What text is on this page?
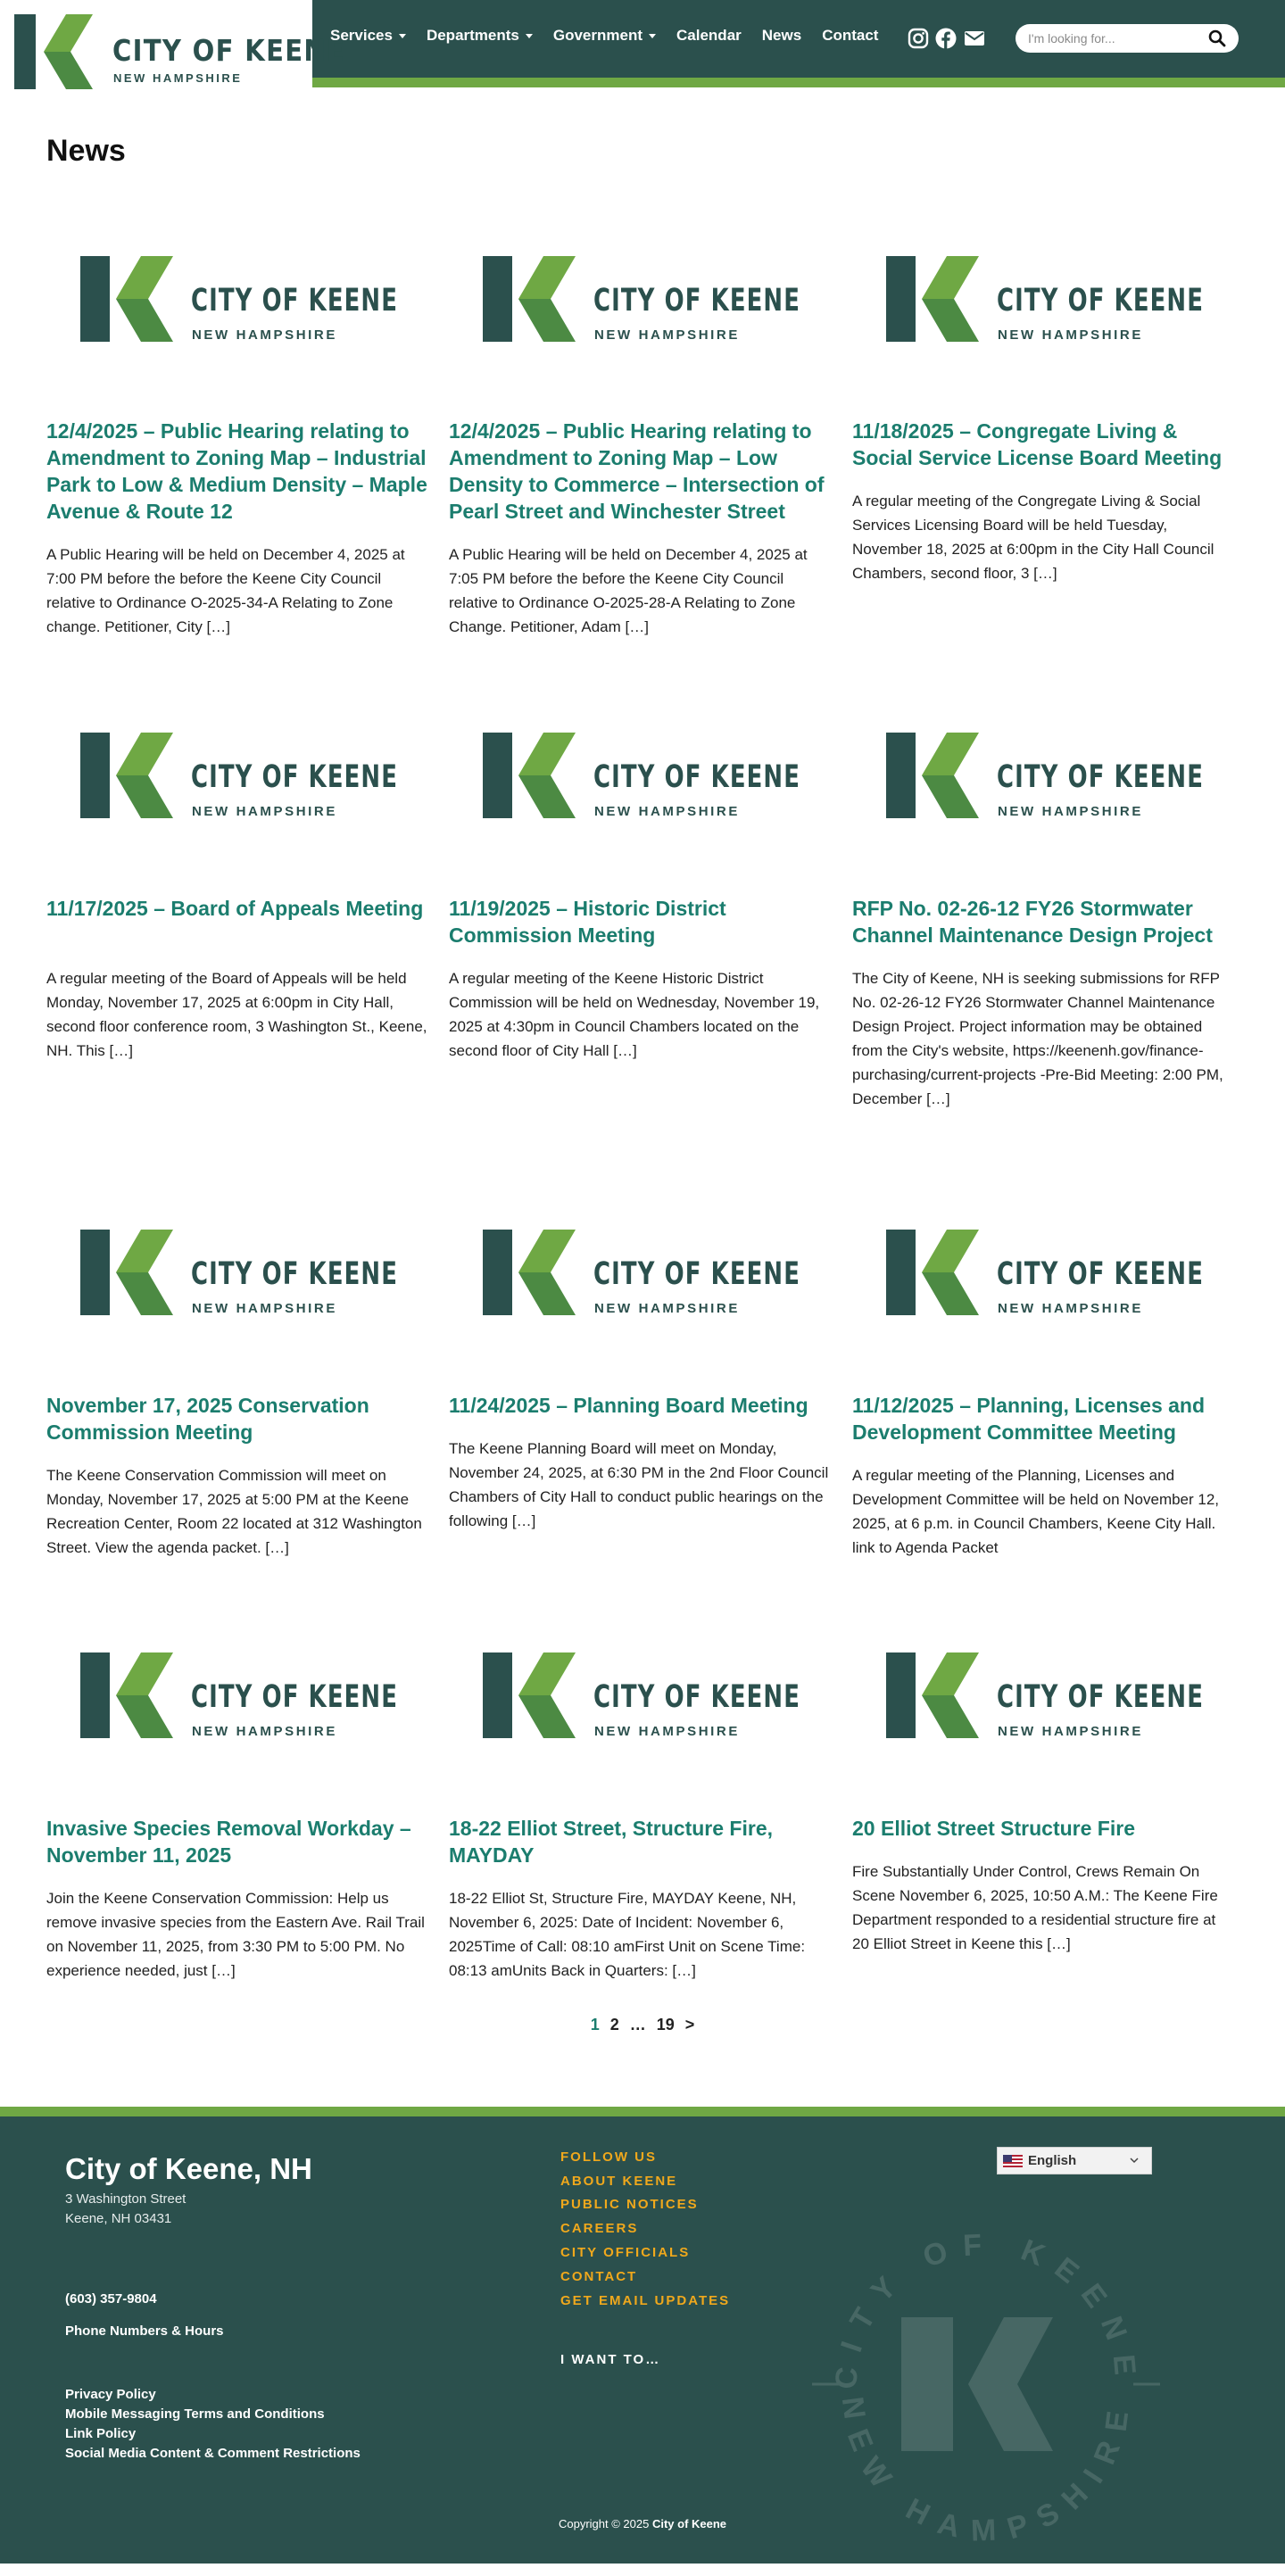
CITY OF KEENE
NEW HAMPSHIRE
Services Departments Government Calendar News Contact
I'm looking for...
News
CITY OF KEENE
NEW HAMPSHIRE
12/4/2025 – Public Hearing relating to Amendment to Zoning Map – Industrial Park to Low & Medium Density – Maple Avenue & Route 12

A Public Hearing will be held on December 4, 2025 at 7:00 PM before the before the Keene City Council relative to Ordinance O-2025-34-A Relating to Zone change. Petitioner, City […]

CITY OF KEENE
NEW HAMPSHIRE
12/4/2025 – Public Hearing relating to Amendment to Zoning Map – Low Density to Commerce – Intersection of Pearl Street and Winchester Street

A Public Hearing will be held on December 4, 2025 at 7:05 PM before the before the Keene City Council relative to Ordinance O-2025-28-A Relating to Zone Change. Petitioner, Adam […]

CITY OF KEENE
NEW HAMPSHIRE
11/18/2025 – Congregate Living & Social Service License Board Meeting

A regular meeting of the Congregate Living & Social Services Licensing Board will be held Tuesday, November 18, 2025 at 6:00pm in the City Hall Council Chambers, second floor, 3 […]

CITY OF KEENE
NEW HAMPSHIRE
11/17/2025 – Board of Appeals Meeting

A regular meeting of the Board of Appeals will be held Monday, November 17, 2025 at 6:00pm in City Hall, second floor conference room, 3 Washington St., Keene, NH. This […]

CITY OF KEENE
NEW HAMPSHIRE
11/19/2025 – Historic District Commission Meeting

A regular meeting of the Keene Historic District Commission will be held on Wednesday, November 19, 2025 at 4:30pm in Council Chambers located on the second floor of City Hall […]

CITY OF KEENE
NEW HAMPSHIRE
RFP No. 02-26-12 FY26 Stormwater Channel Maintenance Design Project

The City of Keene, NH is seeking submissions for RFP No. 02-26-12 FY26 Stormwater Channel Maintenance Design Project. Project information may be obtained from the City's website, https://keenenh.gov/finance-purchasing/current-projects -Pre-Bid Meeting: 2:00 PM, December […]

CITY OF KEENE
NEW HAMPSHIRE
November 17, 2025 Conservation Commission Meeting

The Keene Conservation Commission will meet on Monday, November 17, 2025 at 5:00 PM at the Keene Recreation Center, Room 22 located at 312 Washington Street. View the agenda packet. […]

CITY OF KEENE
NEW HAMPSHIRE
11/24/2025 – Planning Board Meeting

The Keene Planning Board will meet on Monday, November 24, 2025, at 6:30 PM in the 2nd Floor Council Chambers of City Hall to conduct public hearings on the following […]

CITY OF KEENE
NEW HAMPSHIRE
11/12/2025 – Planning, Licenses and Development Committee Meeting

A regular meeting of the Planning, Licenses and Development Committee will be held on November 12, 2025, at 6 p.m. in Council Chambers, Keene City Hall. link to Agenda Packet

CITY OF KEENE
NEW HAMPSHIRE
Invasive Species Removal Workday – November 11, 2025

Join the Keene Conservation Commission: Help us remove invasive species from the Eastern Ave. Rail Trail on November 11, 2025, from 3:30 PM to 5:00 PM. No experience needed, just […]

CITY OF KEENE
NEW HAMPSHIRE
18-22 Elliot Street, Structure Fire, MAYDAY

18-22 Elliot St, Structure Fire, MAYDAY Keene, NH, November 6, 2025: Date of Incident: November 6, 2025Time of Call: 08:10 amFirst Unit on Scene Time: 08:13 amUnits Back in Quarters: […]

CITY OF KEENE
NEW HAMPSHIRE
20 Elliot Street Structure Fire

Fire Substantially Under Control, Crews Remain On Scene November 6, 2025, 10:50 A.M.: The Keene Fire Department responded to a residential structure fire at 20 Elliot Street in Keene this […]

1 2 … 19 >
CITY OF KEENE
NEW HAMPSHIRE
City of Keene, NH
3 Washington Street
Keene, NH 03431
(603) 357-9804
Phone Numbers & Hours
Privacy Policy
Mobile Messaging Terms and Conditions
Link Policy
Social Media Content & Comment Restrictions
FOLLOW US
ABOUT KEENE
PUBLIC NOTICES
CAREERS
CITY OFFICIALS
CONTACT
GET EMAIL UPDATES
I WANT TO…
English
Copyright © 2025 City of Keene
